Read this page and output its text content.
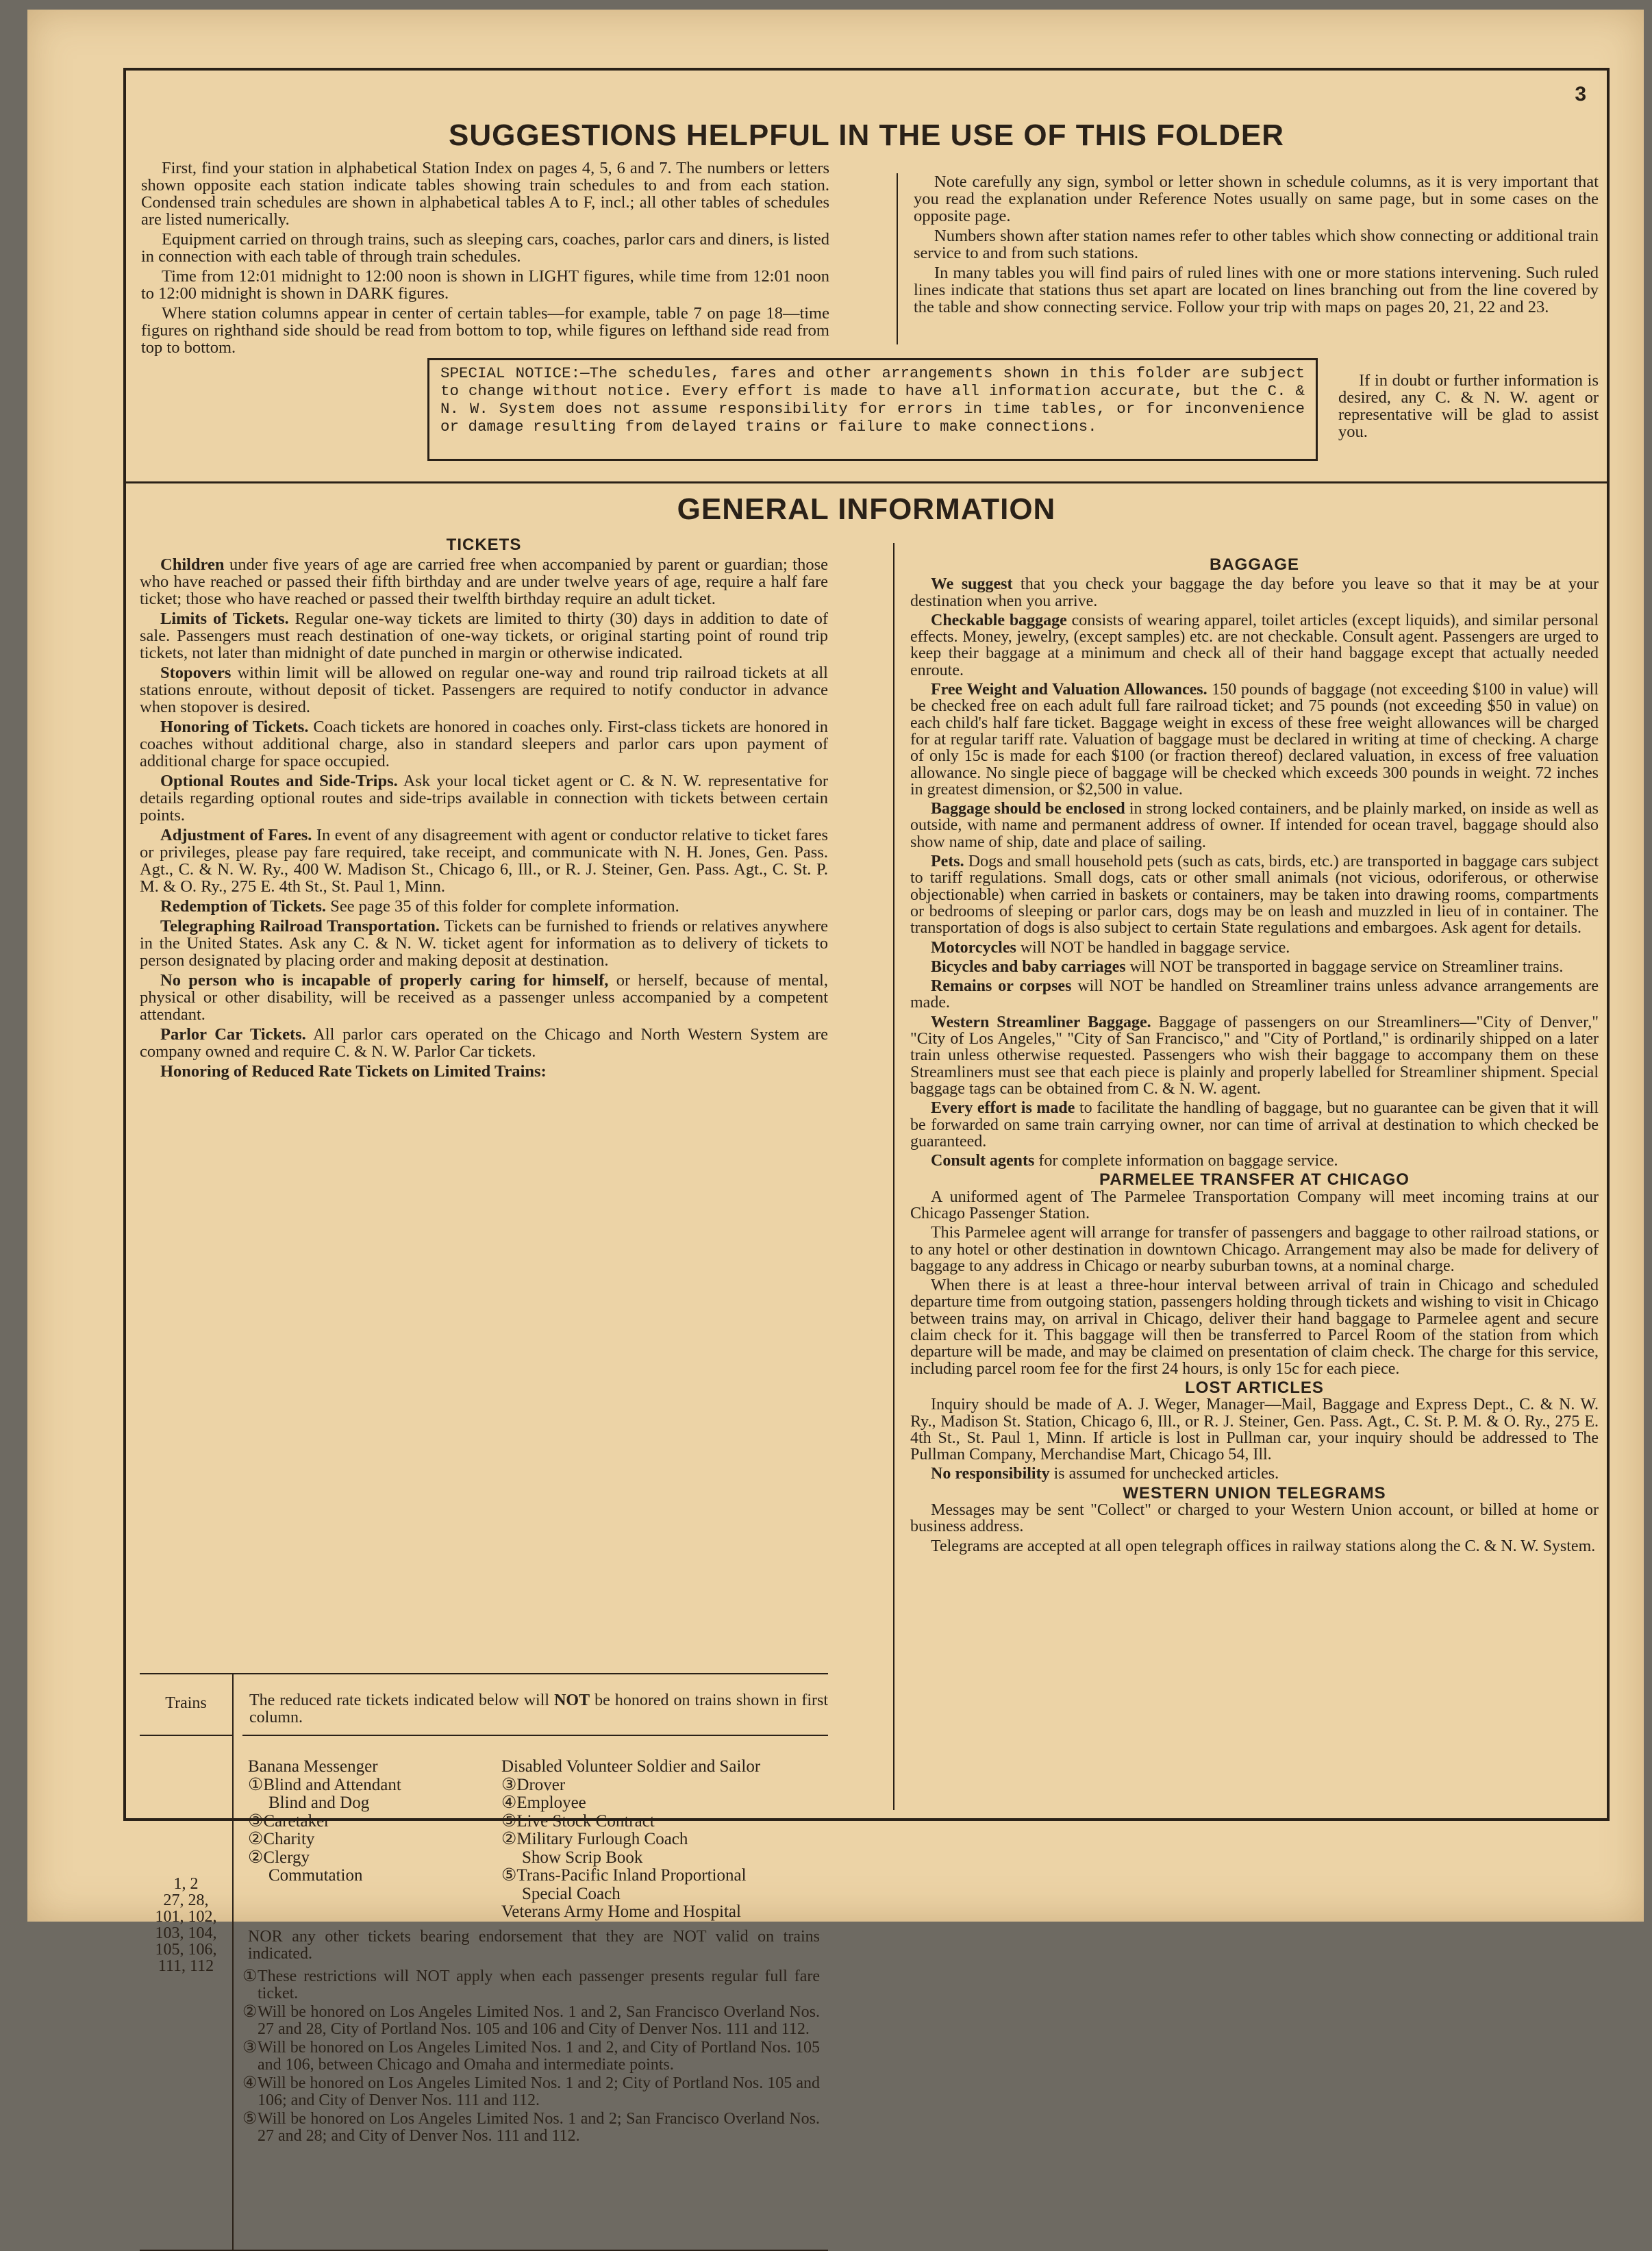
3
SUGGESTIONS HELPFUL IN THE USE OF THIS FOLDER

First, find your station in alphabetical Station Index on pages 4, 5, 6 and 7. The numbers or letters shown opposite each station indicate tables showing train schedules to and from each station. Condensed train schedules are shown in alphabetical tables A to F, incl.; all other tables of schedules are listed numerically.

Equipment carried on through trains, such as sleeping cars, coaches, parlor cars and diners, is listed in connection with each table of through train schedules.

Time from 12:01 midnight to 12:00 noon is shown in LIGHT figures, while time from 12:01 noon to 12:00 midnight is shown in DARK figures.

Where station columns appear in center of certain tables—for example, table 7 on page 18—time figures on righthand side should be read from bottom to top, while figures on lefthand side read from top to bottom.

Note carefully any sign, symbol or letter shown in schedule columns, as it is very important that you read the explanation under Reference Notes usually on same page, but in some cases on the opposite page.

Numbers shown after station names refer to other tables which show connecting or additional train service to and from such stations.

In many tables you will find pairs of ruled lines with one or more stations intervening. Such ruled lines indicate that stations thus set apart are located on lines branching out from the line covered by the table and show connecting service. Follow your trip with maps on pages 20, 21, 22 and 23.

If in doubt or further information is desired, any C. & N. W. agent or representative will be glad to assist you.

SPECIAL NOTICE:—The schedules, fares and other arrangements shown in this folder are subject to change without notice. Every effort is made to have all information accurate, but the C. & N. W. System does not assume responsibility for errors in time tables, or for inconvenience or damage resulting from delayed trains or failure to make connections.
GENERAL INFORMATION

TICKETS

Children under five years of age are carried free when accompanied by parent or guardian; those who have reached or passed their fifth birthday and are under twelve years of age, require a half fare ticket; those who have reached or passed their twelfth birthday require an adult ticket.

Limits of Tickets. Regular one-way tickets are limited to thirty (30) days in addition to date of sale. Passengers must reach destination of one-way tickets, or original starting point of round trip tickets, not later than midnight of date punched in margin or otherwise indicated.

Stopovers within limit will be allowed on regular one-way and round trip railroad tickets at all stations enroute, without deposit of ticket. Passengers are required to notify conductor in advance when stopover is desired.

Honoring of Tickets. Coach tickets are honored in coaches only. First-class tickets are honored in coaches without additional charge, also in standard sleepers and parlor cars upon payment of additional charge for space occupied.

Optional Routes and Side-Trips. Ask your local ticket agent or C. & N. W. representative for details regarding optional routes and side-trips available in connection with tickets between certain points.

Adjustment of Fares. In event of any disagreement with agent or conductor relative to ticket fares or privileges, please pay fare required, take receipt, and communicate with N. H. Jones, Gen. Pass. Agt., C. & N. W. Ry., 400 W. Madison St., Chicago 6, Ill., or R. J. Steiner, Gen. Pass. Agt., C. St. P. M. & O. Ry., 275 E. 4th St., St. Paul 1, Minn.

Redemption of Tickets. See page 35 of this folder for complete information.

Telegraphing Railroad Transportation. Tickets can be furnished to friends or relatives anywhere in the United States. Ask any C. & N. W. ticket agent for information as to delivery of tickets to person designated by placing order and making deposit at destination.

No person who is incapable of properly caring for himself, or herself, because of mental, physical or other disability, will be received as a passenger unless accompanied by a competent attendant.

Parlor Car Tickets. All parlor cars operated on the Chicago and North Western System are company owned and require C. & N. W. Parlor Car tickets.

Honoring of Reduced Rate Tickets on Limited Trains:

Trains
1, 2
27, 28,
101, 102,
103, 104,
105, 106,
111, 112
The reduced rate tickets indicated below will NOT be honored on trains shown in first column.
Banana Messenger
①Blind and Attendant
Blind and Dog
③Caretaker
②Charity
②Clergy
Commutation
Disabled Volunteer Soldier and Sailor
③Drover
④Employee
⑤Live Stock Contract
②Military Furlough Coach
Show Scrip Book
⑤Trans-Pacific Inland Proportional
Special Coach
Veterans Army Home and Hospital
NOR any other tickets bearing endorsement that they are NOT valid on trains indicated.

① These restrictions will NOT apply when each passenger presents regular full fare ticket.

② Will be honored on Los Angeles Limited Nos. 1 and 2, San Francisco Overland Nos. 27 and 28, City of Portland Nos. 105 and 106 and City of Denver Nos. 111 and 112.

③ Will be honored on Los Angeles Limited Nos. 1 and 2, and City of Portland Nos. 105 and 106, between Chicago and Omaha and intermediate points.

④ Will be honored on Los Angeles Limited Nos. 1 and 2; City of Portland Nos. 105 and 106; and City of Denver Nos. 111 and 112.

⑤ Will be honored on Los Angeles Limited Nos. 1 and 2; San Francisco Overland Nos. 27 and 28; and City of Denver Nos. 111 and 112.

BAGGAGE

We suggest that you check your baggage the day before you leave so that it may be at your destination when you arrive.

Checkable baggage consists of wearing apparel, toilet articles (except liquids), and similar personal effects. Money, jewelry, (except samples) etc. are not checkable. Consult agent. Passengers are urged to keep their baggage at a minimum and check all of their hand baggage except that actually needed enroute.

Free Weight and Valuation Allowances. 150 pounds of baggage (not exceeding $100 in value) will be checked free on each adult full fare railroad ticket; and 75 pounds (not exceeding $50 in value) on each child's half fare ticket. Baggage weight in excess of these free weight allowances will be charged for at regular tariff rate. Valuation of baggage must be declared in writing at time of checking. A charge of only 15c is made for each $100 (or fraction thereof) declared valuation, in excess of free valuation allowance. No single piece of baggage will be checked which exceeds 300 pounds in weight. 72 inches in greatest dimension, or $2,500 in value.

Baggage should be enclosed in strong locked containers, and be plainly marked, on inside as well as outside, with name and permanent address of owner. If intended for ocean travel, baggage should also show name of ship, date and place of sailing.

Pets. Dogs and small household pets (such as cats, birds, etc.) are transported in baggage cars subject to tariff regulations. Small dogs, cats or other small animals (not vicious, odoriferous, or otherwise objectionable) when carried in baskets or containers, may be taken into drawing rooms, compartments or bedrooms of sleeping or parlor cars, dogs may be on leash and muzzled in lieu of in container. The transportation of dogs is also subject to certain State regulations and embargoes. Ask agent for details.

Motorcycles will NOT be handled in baggage service.

Bicycles and baby carriages will NOT be transported in baggage service on Streamliner trains.

Remains or corpses will NOT be handled on Streamliner trains unless advance arrangements are made.

Western Streamliner Baggage. Baggage of passengers on our Streamliners—"City of Denver," "City of Los Angeles," "City of San Francisco," and "City of Portland," is ordinarily shipped on a later train unless otherwise requested. Passengers who wish their baggage to accompany them on these Streamliners must see that each piece is plainly and properly labelled for Streamliner shipment. Special baggage tags can be obtained from C. & N. W. agent.

Every effort is made to facilitate the handling of baggage, but no guarantee can be given that it will be forwarded on same train carrying owner, nor can time of arrival at destination to which checked be guaranteed.

Consult agents for complete information on baggage service.

PARMELEE TRANSFER AT CHICAGO

A uniformed agent of The Parmelee Transportation Company will meet incoming trains at our Chicago Passenger Station.

This Parmelee agent will arrange for transfer of passengers and baggage to other railroad stations, or to any hotel or other destination in downtown Chicago. Arrangement may also be made for delivery of baggage to any address in Chicago or nearby suburban towns, at a nominal charge.

When there is at least a three-hour interval between arrival of train in Chicago and scheduled departure time from outgoing station, passengers holding through tickets and wishing to visit in Chicago between trains may, on arrival in Chicago, deliver their hand baggage to Parmelee agent and secure claim check for it. This baggage will then be transferred to Parcel Room of the station from which departure will be made, and may be claimed on presentation of claim check. The charge for this service, including parcel room fee for the first 24 hours, is only 15c for each piece.

LOST ARTICLES

Inquiry should be made of A. J. Weger, Manager—Mail, Baggage and Express Dept., C. & N. W. Ry., Madison St. Station, Chicago 6, Ill., or R. J. Steiner, Gen. Pass. Agt., C. St. P. M. & O. Ry., 275 E. 4th St., St. Paul 1, Minn. If article is lost in Pullman car, your inquiry should be addressed to The Pullman Company, Merchandise Mart, Chicago 54, Ill.

No responsibility is assumed for unchecked articles.

WESTERN UNION TELEGRAMS

Messages may be sent "Collect" or charged to your Western Union account, or billed at home or business address.

Telegrams are accepted at all open telegraph offices in railway stations along the C. & N. W. System.
